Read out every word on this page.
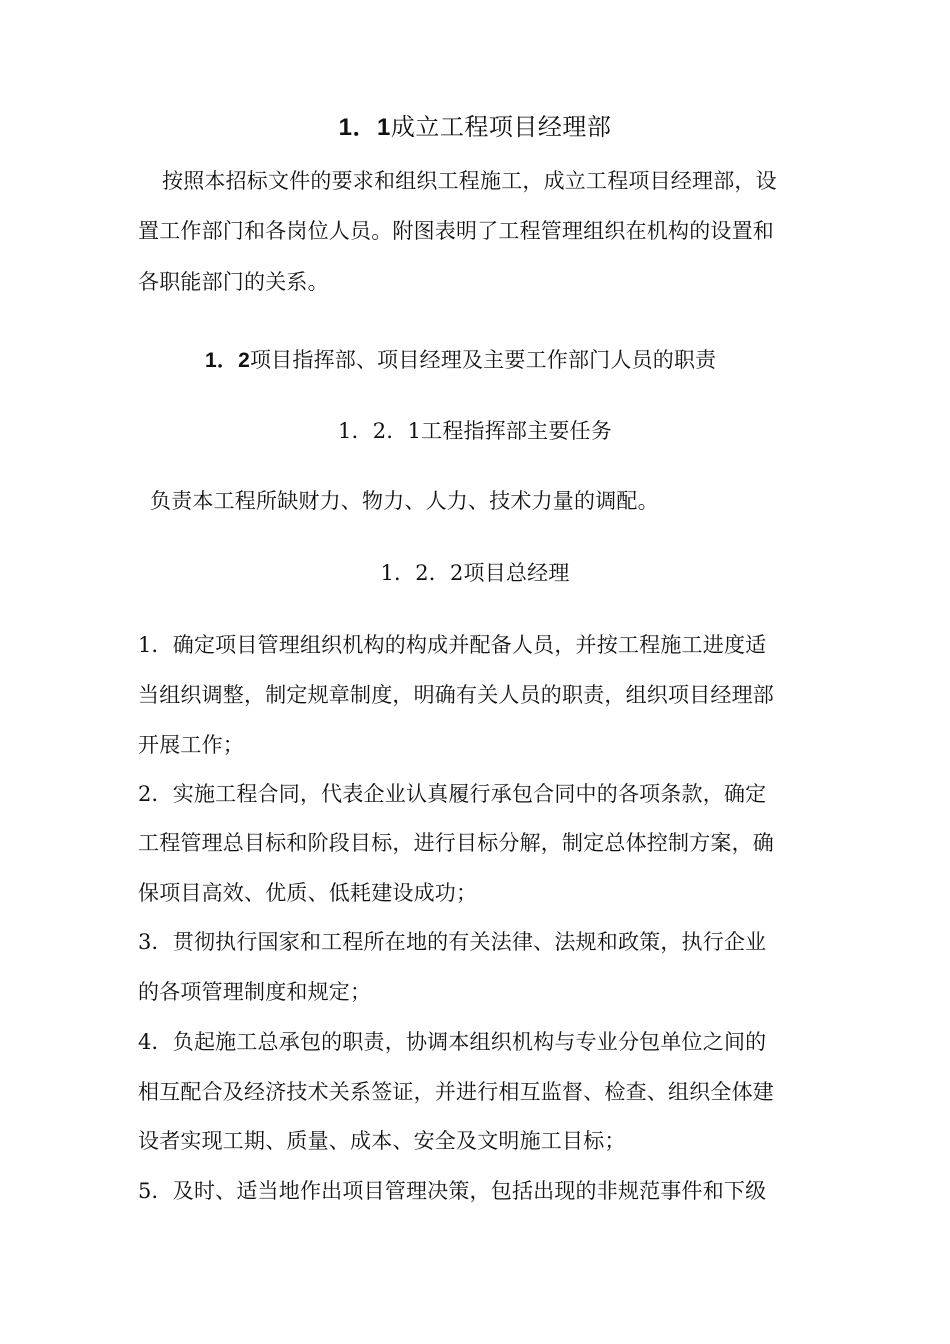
1．1成立工程项目经理部
按照本招标文件的要求和组织工程施工，成立工程项目经理部，设
置工作部门和各岗位人员。附图表明了工程管理组织在机构的设置和
各职能部门的关系。
1．2项目指挥部、项目经理及主要工作部门人员的职责
1．2．1工程指挥部主要任务
负责本工程所缺财力、物力、人力、技术力量的调配。
1．2．2项目总经理
1．确定项目管理组织机构的构成并配备人员，并按工程施工进度适
当组织调整，制定规章制度，明确有关人员的职责，组织项目经理部
开展工作；
2．实施工程合同，代表企业认真履行承包合同中的各项条款，确定
工程管理总目标和阶段目标，进行目标分解，制定总体控制方案，确
保项目高效、优质、低耗建设成功；
3．贯彻执行国家和工程所在地的有关法律、法规和政策，执行企业
的各项管理制度和规定；
4．负起施工总承包的职责，协调本组织机构与专业分包单位之间的
相互配合及经济技术关系签证，并进行相互监督、检查、组织全体建
设者实现工期、质量、成本、安全及文明施工目标；
5．及时、适当地作出项目管理决策，包括出现的非规范事件和下级
